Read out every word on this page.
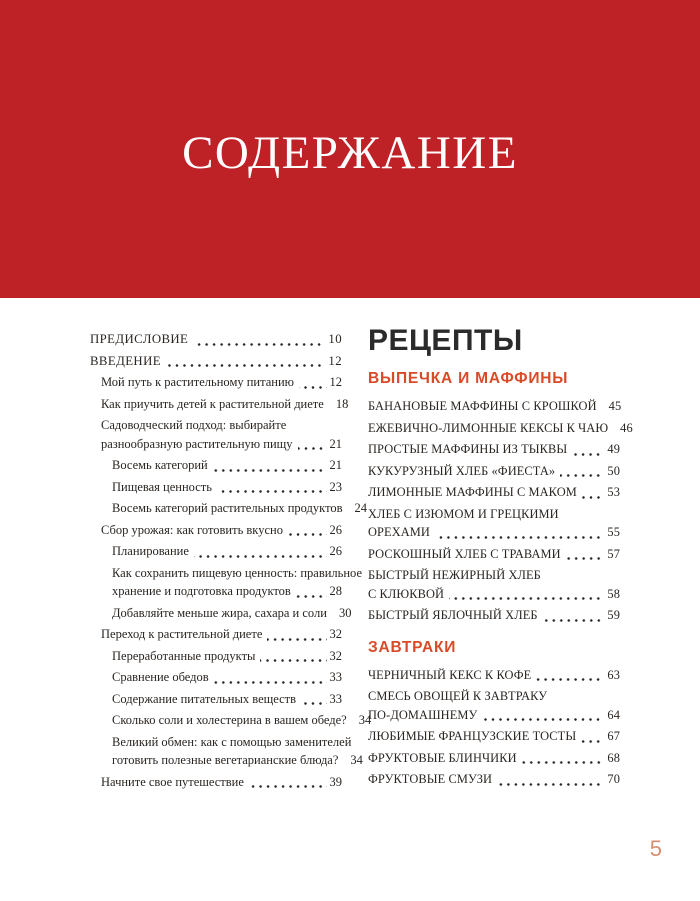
СОДЕРЖАНИЕ
ПРЕДИСЛОВИЕ	10
ВВЕДЕНИЕ	12
Мой путь к растительному питанию	12
Как приучить детей к растительной диете 18
Садоводческий подход: выбирайте
разнообразную растительную пищу	21
Восемь категорий	21
Пищевая ценность	23
Восемь категорий растительных продуктов 24
Сбор урожая: как готовить вкусно	26
Планирование	26
Как сохранить пищевую ценность: правильное
хранение и подготовка продуктов	28
Добавляйте меньше жира, сахара и соли 30
Переход к растительной диете	32
Переработанные продукты	32
Сравнение обедов	33
Содержание питательных веществ	33
Сколько соли и холестерина в вашем обеде? 34
Великий обмен: как с помощью заменителей
готовить полезные вегетарианские блюда? 34
Начните свое путешествие	39
РЕЦЕПТЫ
ВЫПЕЧКА И МАФФИНЫ
БАНАНОВЫЕ МАФФИНЫ С КРОШКОЙ 45
ЕЖЕВИЧНО-ЛИМОННЫЕ КЕКСЫ К ЧАЮ 46
ПРОСТЫЕ МАФФИНЫ ИЗ ТЫКВЫ	49
КУКУРУЗНЫЙ ХЛЕБ «ФИЕСТА»	50
ЛИМОННЫЕ МАФФИНЫ С МАКОМ 53
ХЛЕБ С ИЗЮМОМ И ГРЕЦКИМИ
ОРЕХАМИ	55
РОСКОШНЫЙ ХЛЕБ С ТРАВАМИ	57
БЫСТРЫЙ НЕЖИРНЫЙ ХЛЕБ
С КЛЮКВОЙ	58
БЫСТРЫЙ ЯБЛОЧНЫЙ ХЛЕБ	59
ЗАВТРАКИ
ЧЕРНИЧНЫЙ КЕКС К КОФЕ	63
СМЕСЬ ОВОЩЕЙ К ЗАВТРАКУ
ПО-ДОМАШНЕМУ	64
ЛЮБИМЫЕ ФРАНЦУЗСКИЕ ТОСТЫ	67
ФРУКТОВЫЕ БЛИНЧИКИ	68
ФРУКТОВЫЕ СМУЗИ	70
5
